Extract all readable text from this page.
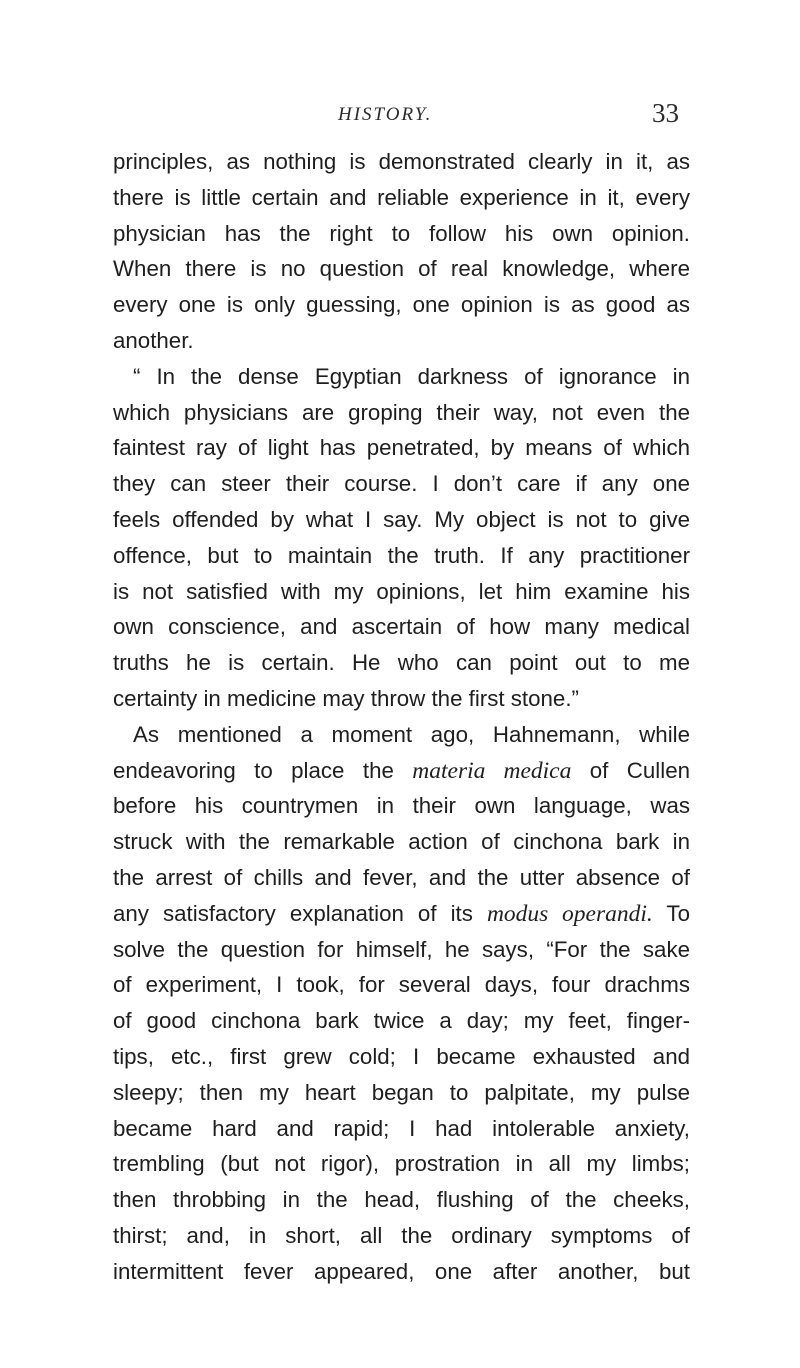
HISTORY.	33
principles, as nothing is demonstrated clearly in it, as
there is little certain and reliable experience in it, every
physician has the right to follow his own opinion.
When there is no question of real knowledge, where
every one is only guessing, one opinion is as good as
another.
“ In the dense Egyptian darkness of ignorance in
which physicians are groping their way, not even the
faintest ray of light has penetrated, by means of which
they can steer their course. I don’t care if any one
feels offended by what I say. My object is not to give
offence, but to maintain the truth. If any practitioner
is not satisfied with my opinions, let him examine his
own conscience, and ascertain of how many medical
truths he is certain. He who can point out to me
certainty in medicine may throw the first stone.”
As mentioned a moment ago, Hahnemann, while
endeavoring to place the materia medica of Cullen
before his countrymen in their own language, was
struck with the remarkable action of cinchona bark in
the arrest of chills and fever, and the utter absence of
any satisfactory explanation of its modus operandi. To
solve the question for himself, he says, “For the sake
of experiment, I took, for several days, four drachms
of good cinchona bark twice a day; my feet, finger-
tips, etc., first grew cold; I became exhausted and
sleepy; then my heart began to palpitate, my pulse
became hard and rapid; I had intolerable anxiety,
trembling (but not rigor), prostration in all my limbs;
then throbbing in the head, flushing of the cheeks,
thirst; and, in short, all the ordinary symptoms of
intermittent fever appeared, one after another, but
